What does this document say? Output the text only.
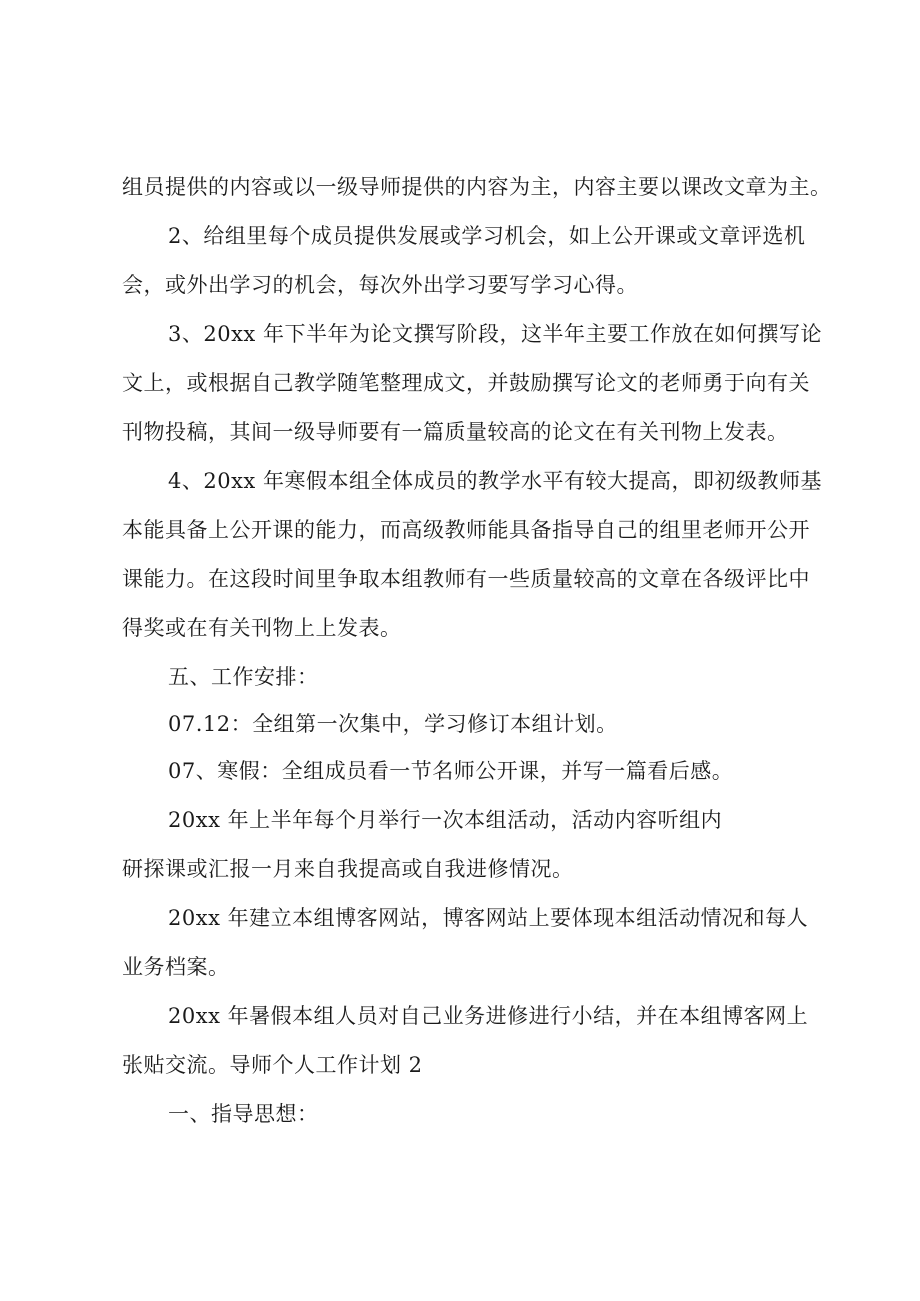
组员提供的内容或以一级导师提供的内容为主，内容主要以课改文章为主。
2、给组里每个成员提供发展或学习机会，如上公开课或文章评选机
会，或外出学习的机会，每次外出学习要写学习心得。
3、20xx 年下半年为论文撰写阶段，这半年主要工作放在如何撰写论
文上，或根据自己教学随笔整理成文，并鼓励撰写论文的老师勇于向有关
刊物投稿，其间一级导师要有一篇质量较高的论文在有关刊物上发表。
4、20xx 年寒假本组全体成员的教学水平有较大提高，即初级教师基
本能具备上公开课的能力，而高级教师能具备指导自己的组里老师开公开
课能力。在这段时间里争取本组教师有一些质量较高的文章在各级评比中
得奖或在有关刊物上上发表。
五、工作安排：
07.12：全组第一次集中，学习修订本组计划。
07、寒假：全组成员看一节名师公开课，并写一篇看后感。
20xx 年上半年每个月举行一次本组活动，活动内容听组内
研探课或汇报一月来自我提高或自我进修情况。
20xx 年建立本组博客网站，博客网站上要体现本组活动情况和每人
业务档案。
20xx 年暑假本组人员对自己业务进修进行小结，并在本组博客网上
张贴交流。导师个人工作计划 2
一、指导思想：
